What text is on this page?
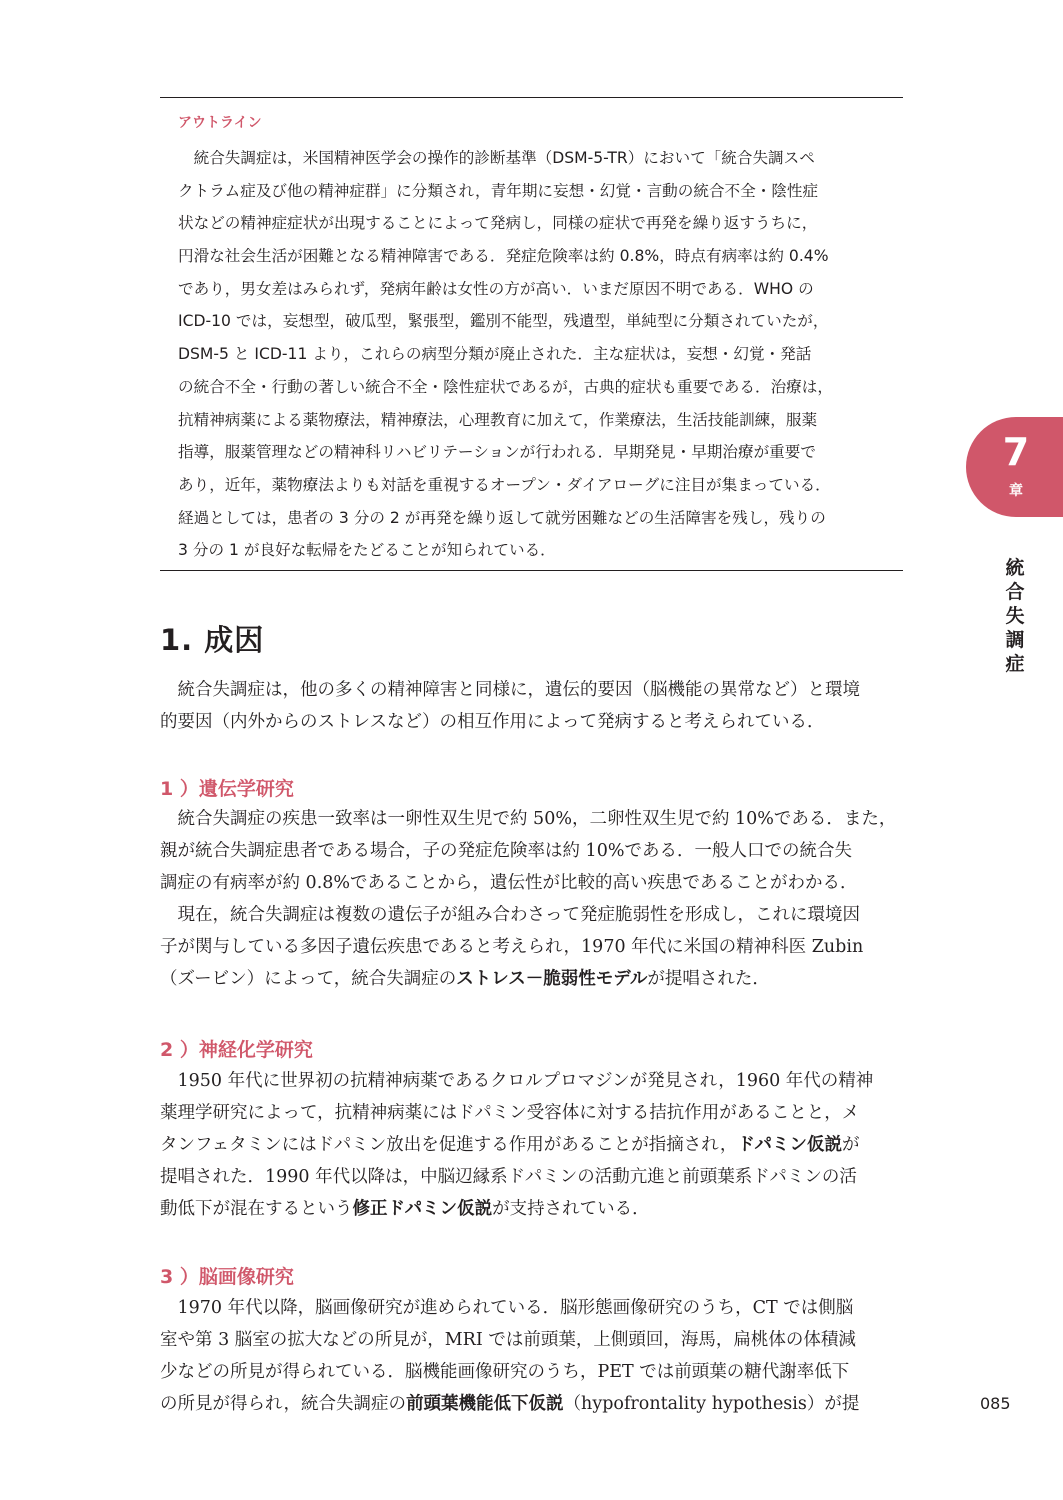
アウトライン
　統合失調症は，米国精神医学会の操作的診断基準（DSM-5-TR）において「統合失調スペ
クトラム症及び他の精神症群」に分類され，青年期に妄想・幻覚・言動の統合不全・陰性症
状などの精神症症状が出現することによって発病し，同様の症状で再発を繰り返すうちに，
円滑な社会生活が困難となる精神障害である．発症危険率は約 0.8%，時点有病率は約 0.4%
であり，男女差はみられず，発病年齢は女性の方が高い．いまだ原因不明である．WHO の
ICD-10 では，妄想型，破瓜型，緊張型，鑑別不能型，残遺型，単純型に分類されていたが，
DSM-5 と ICD-11 より，これらの病型分類が廃止された．主な症状は，妄想・幻覚・発話
の統合不全・行動の著しい統合不全・陰性症状であるが，古典的症状も重要である．治療は，
抗精神病薬による薬物療法，精神療法，心理教育に加えて，作業療法，生活技能訓練，服薬
指導，服薬管理などの精神科リハビリテーションが行われる．早期発見・早期治療が重要で
あり，近年，薬物療法よりも対話を重視するオープン・ダイアローグに注目が集まっている．
経過としては，患者の 3 分の 2 が再発を繰り返して就労困難などの生活障害を残し，残りの
3 分の 1 が良好な転帰をたどることが知られている．
1. 成因
　統合失調症は，他の多くの精神障害と同様に，遺伝的要因（脳機能の異常など）と環境
的要因（内外からのストレスなど）の相互作用によって発病すると考えられている．
1 ）遺伝学研究
　統合失調症の疾患一致率は一卵性双生児で約 50%，二卵性双生児で約 10%である．また，
親が統合失調症患者である場合，子の発症危険率は約 10%である．一般人口での統合失
調症の有病率が約 0.8%であることから，遺伝性が比較的高い疾患であることがわかる．
　現在，統合失調症は複数の遺伝子が組み合わさって発症脆弱性を形成し，これに環境因
子が関与している多因子遺伝疾患であると考えられ，1970 年代に米国の精神科医 Zubin
（ズービン）によって，統合失調症のストレス－脆弱性モデルが提唱された．
2 ）神経化学研究
　1950 年代に世界初の抗精神病薬であるクロルプロマジンが発見され，1960 年代の精神
薬理学研究によって，抗精神病薬にはドパミン受容体に対する拮抗作用があることと，メ
タンフェタミンにはドパミン放出を促進する作用があることが指摘され，ドパミン仮説が
提唱された．1990 年代以降は，中脳辺縁系ドパミンの活動亢進と前頭葉系ドパミンの活
動低下が混在するという修正ドパミン仮説が支持されている．
3 ）脳画像研究
　1970 年代以降，脳画像研究が進められている．脳形態画像研究のうち，CT では側脳
室や第 3 脳室の拡大などの所見が，MRI では前頭葉，上側頭回，海馬，扁桃体の体積減
少などの所見が得られている．脳機能画像研究のうち，PET では前頭葉の糖代謝率低下
の所見が得られ，統合失調症の前頭葉機能低下仮説（hypofrontality hypothesis）が提
7
章
統合失調症
085
